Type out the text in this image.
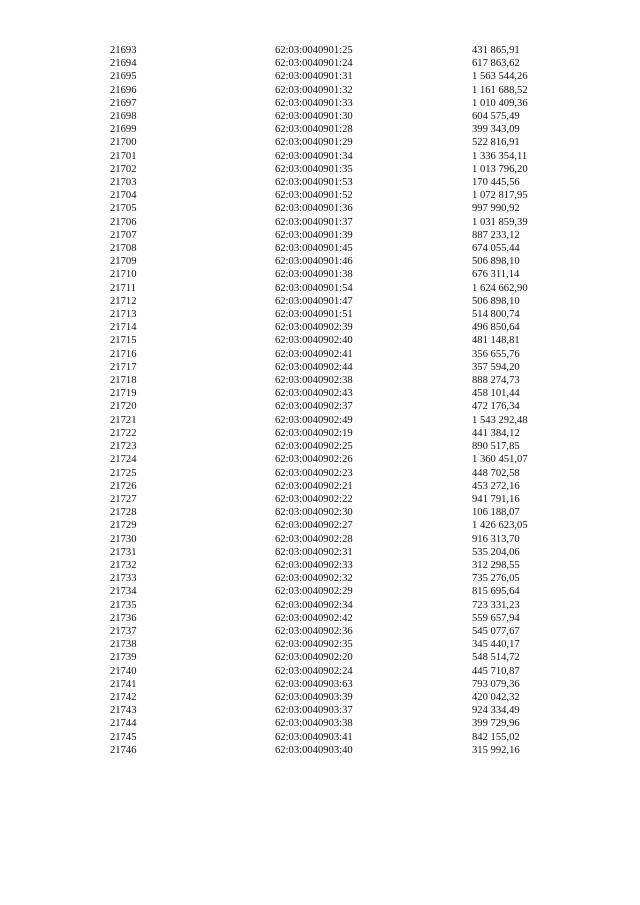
21693	62:03:0040901:25	431 865,91
21694	62:03:0040901:24	617 863,62
21695	62:03:0040901:31	1 563 544,26
21696	62:03:0040901:32	1 161 688,52
21697	62:03:0040901:33	1 010 409,36
21698	62:03:0040901:30	604 575,49
21699	62:03:0040901:28	399 343,09
21700	62:03:0040901:29	522 816,91
21701	62:03:0040901:34	1 336 354,11
21702	62:03:0040901:35	1 013 796,20
21703	62:03:0040901:53	170 445,56
21704	62:03:0040901:52	1 072 817,95
21705	62:03:0040901:36	997 990,92
21706	62:03:0040901:37	1 031 859,39
21707	62:03:0040901:39	887 233,12
21708	62:03:0040901:45	674 055,44
21709	62:03:0040901:46	506 898,10
21710	62:03:0040901:38	676 311,14
21711	62:03:0040901:54	1 624 662,90
21712	62:03:0040901:47	506 898,10
21713	62:03:0040901:51	514 800,74
21714	62:03:0040902:39	496 850,64
21715	62:03:0040902:40	481 148,81
21716	62:03:0040902:41	356 655,76
21717	62:03:0040902:44	357 594,20
21718	62:03:0040902:38	888 274,73
21719	62:03:0040902:43	458 101,44
21720	62:03:0040902:37	472 176,34
21721	62:03:0040902:49	1 543 292,48
21722	62:03:0040902:19	441 384,12
21723	62:03:0040902:25	890 517,85
21724	62:03:0040902:26	1 360 451,07
21725	62:03:0040902:23	448 702,58
21726	62:03:0040902:21	453 272,16
21727	62:03:0040902:22	941 791,16
21728	62:03:0040902:30	106 188,07
21729	62:03:0040902:27	1 426 623,05
21730	62:03:0040902:28	916 313,70
21731	62:03:0040902:31	535 204,06
21732	62:03:0040902:33	312 298,55
21733	62:03:0040902:32	735 276,05
21734	62:03:0040902:29	815 695,64
21735	62:03:0040902:34	723 331,23
21736	62:03:0040902:42	559 657,94
21737	62:03:0040902:36	545 077,67
21738	62:03:0040902:35	345 440,17
21739	62:03:0040902:20	548 514,72
21740	62:03:0040902:24	445 710,87
21741	62:03:0040903:63	793 079,36
21742	62:03:0040903:39	420 042,32
21743	62:03:0040903:37	924 334,49
21744	62:03:0040903:38	399 729,96
21745	62:03:0040903:41	842 155,02
21746	62:03:0040903:40	315 992,16
